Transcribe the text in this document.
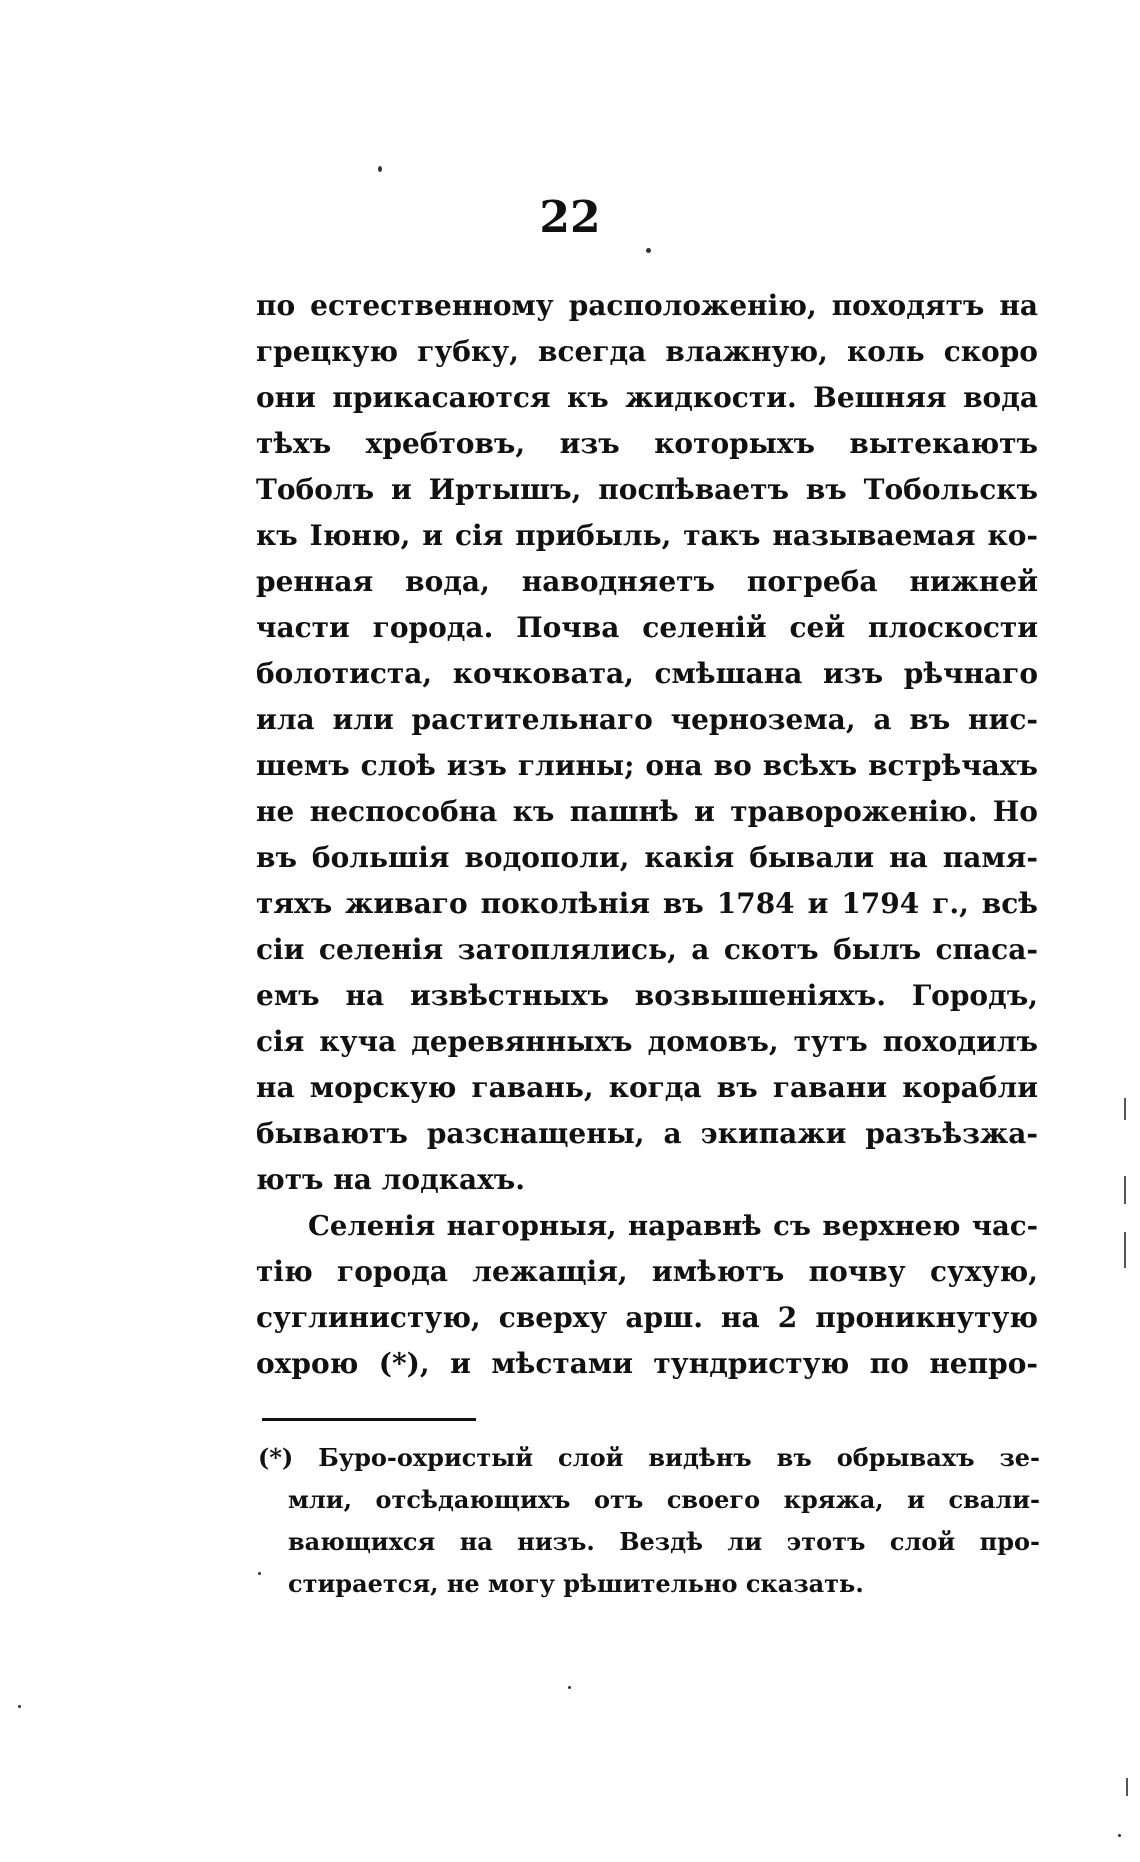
22
по естественному расположенію, походятъ на
грецкую губку, всегда влажную, коль скоро
они прикасаются къ жидкости. Вешняя вода
тѣхъ хребтовъ, изъ которыхъ вытекаютъ
Тоболъ и Иртышъ, поспѣваетъ въ Тобольскъ
къ Іюню, и сія прибыль, такъ называемая ко-
ренная вода, наводняетъ погреба нижней
части города. Почва селеній сей плоскости
болотиста, кочковата, смѣшана изъ рѣчнаго
ила или растительнаго чернозема, а въ нис-
шемъ слоѣ изъ глины; она во всѣхъ встрѣчахъ
не неспособна къ пашнѣ и травороженію. Но
въ большія водополи, какія бывали на памя-
тяхъ живаго поколѣнія въ 1784 и 1794 г., всѣ
сіи селенія затоплялись, а скотъ былъ спаса-
емъ на извѣстныхъ возвышеніяхъ. Городъ,
сія куча деревянныхъ домовъ, тутъ походилъ
на морскую гавань, когда въ гавани корабли
бываютъ разснащены, а экипажи разъѣзжа-
ютъ на лодкахъ.
Селенія нагорныя, наравнѣ съ верхнею час-
тію города лежащія, имѣютъ почву сухую,
суглинистую, сверху арш. на 2 проникнутую
охрою (*), и мѣстами тундристую по непро-
(*) Буро-охристый слой видѣнъ въ обрывахъ зе-
мли, отсѣдающихъ отъ своего кряжа, и свали-
вающихся на низъ. Вездѣ ли этотъ слой про-
стирается, не могу рѣшительно сказать.
